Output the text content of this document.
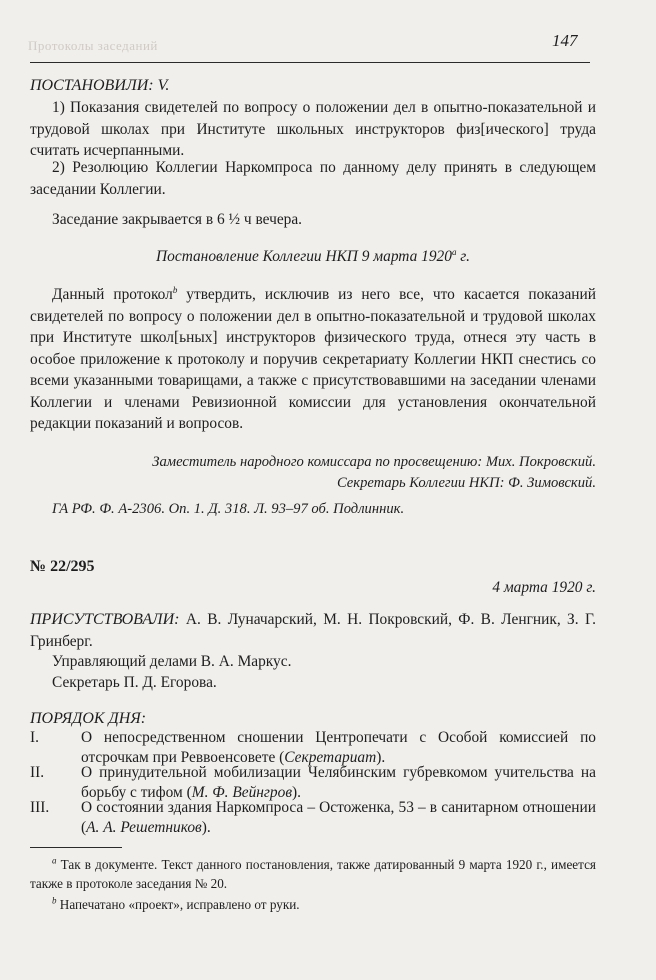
Протоколы заседаний	147
ПОСТАНОВИЛИ: V.
1) Показания свидетелей по вопросу о положении дел в опытно-показательной и трудовой школах при Институте школьных инструкторов физ[ического] труда считать исчерпанными.
2) Резолюцию Коллегии Наркомпроса по данному делу принять в следующем заседании Коллегии.
Заседание закрывается в 6 ½ ч вечера.
Постановление Коллегии НКП 9 марта 1920$^a$ г.
Данный протокол$^b$ утвердить, исключив из него все, что касается показаний свидетелей по вопросу о положении дел в опытно-показательной и трудовой школах при Институте школ[ьных] инструкторов физического труда, отнеся эту часть в особое приложение к протоколу и поручив секретариату Коллегии НКП снестись со всеми указанными товарищами, а также с присутствовавшими на заседании членами Коллегии и членами Ревизионной комиссии для установления окончательной редакции показаний и вопросов.
Заместитель народного комиссара по просвещению: Мих. Покровский.
Секретарь Коллегии НКП: Ф. Зимовский.
ГА РФ. Ф. А-2306. Оп. 1. Д. 318. Л. 93–97 об. Подлинник.
№ 22/295
4 марта 1920 г.
ПРИСУТСТВОВАЛИ: А. В. Луначарский, М. Н. Покровский, Ф. В. Ленгник, З. Г. Гринберг.
Управляющий делами В. А. Маркус.
Секретарь П. Д. Егорова.
ПОРЯДОК ДНЯ:
I.	О непосредственном сношении Центропечати с Особой комиссией по отсрочкам при Реввоенсовете (Секретариат).
II.	О принудительной мобилизации Челябинским губревкомом учительства на борьбу с тифом (М. Ф. Вейнгров).
III.	О состоянии здания Наркомпроса – Остоженка, 53 – в санитарном отношении (А. А. Решетников).
$^a$ Так в документе. Текст данного постановления, также датированный 9 марта 1920 г., имеется также в протоколе заседания № 20.
$^b$ Напечатано «проект», исправлено от руки.
